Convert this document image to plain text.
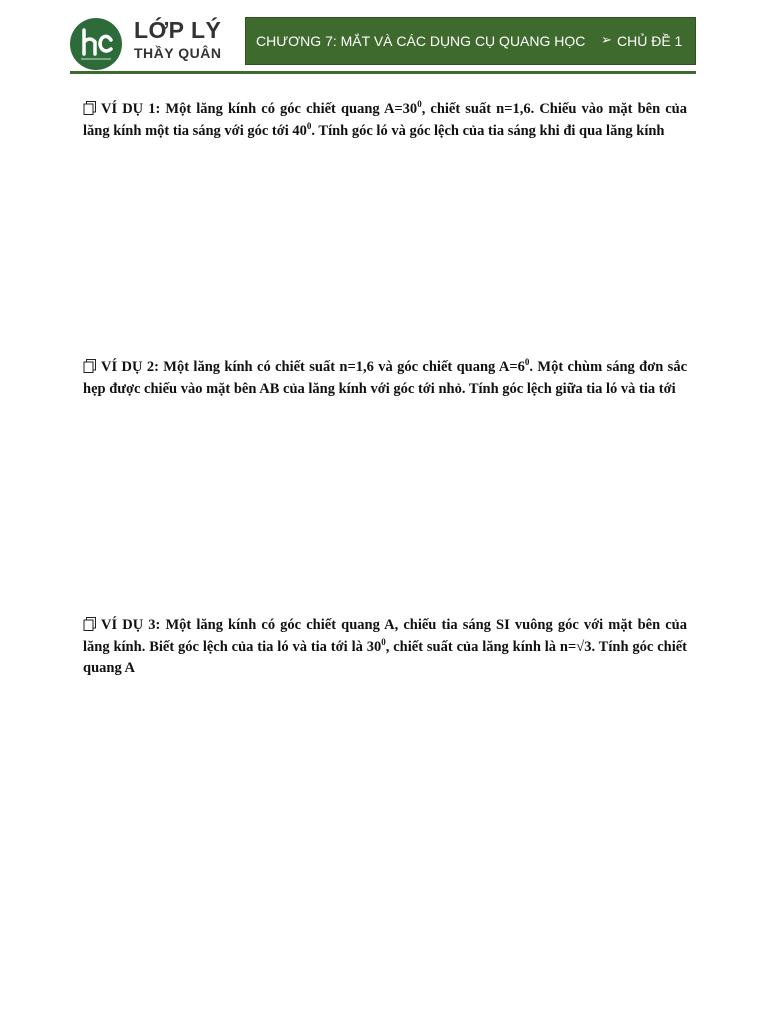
LỚP LÝ
THẦY QUÂN
CHƯƠNG 7: MẮT VÀ CÁC DỤNG CỤ QUANG HỌC ➢ CHỦ ĐỀ 1
VÍ DỤ 1: Một lăng kính có góc chiết quang $A=30^0$, chiết suất n=1,6. Chiếu vào mặt bên của lăng kính một tia sáng với góc tới $40^0$. Tính góc ló và góc lệch của tia sáng khi đi qua lăng kính
VÍ DỤ 2: Một lăng kính có chiết suất n=1,6 và góc chiết quang $A=6^0$. Một chùm sáng đơn sắc hẹp được chiếu vào mặt bên AB của lăng kính với góc tới nhỏ. Tính góc lệch giữa tia ló và tia tới
VÍ DỤ 3: Một lăng kính có góc chiết quang A, chiếu tia sáng SI vuông góc với mặt bên của lăng kính. Biết góc lệch của tia ló và tia tới là $30^0$, chiết suất của lăng kính là n=√3. Tính góc chiết quang A
